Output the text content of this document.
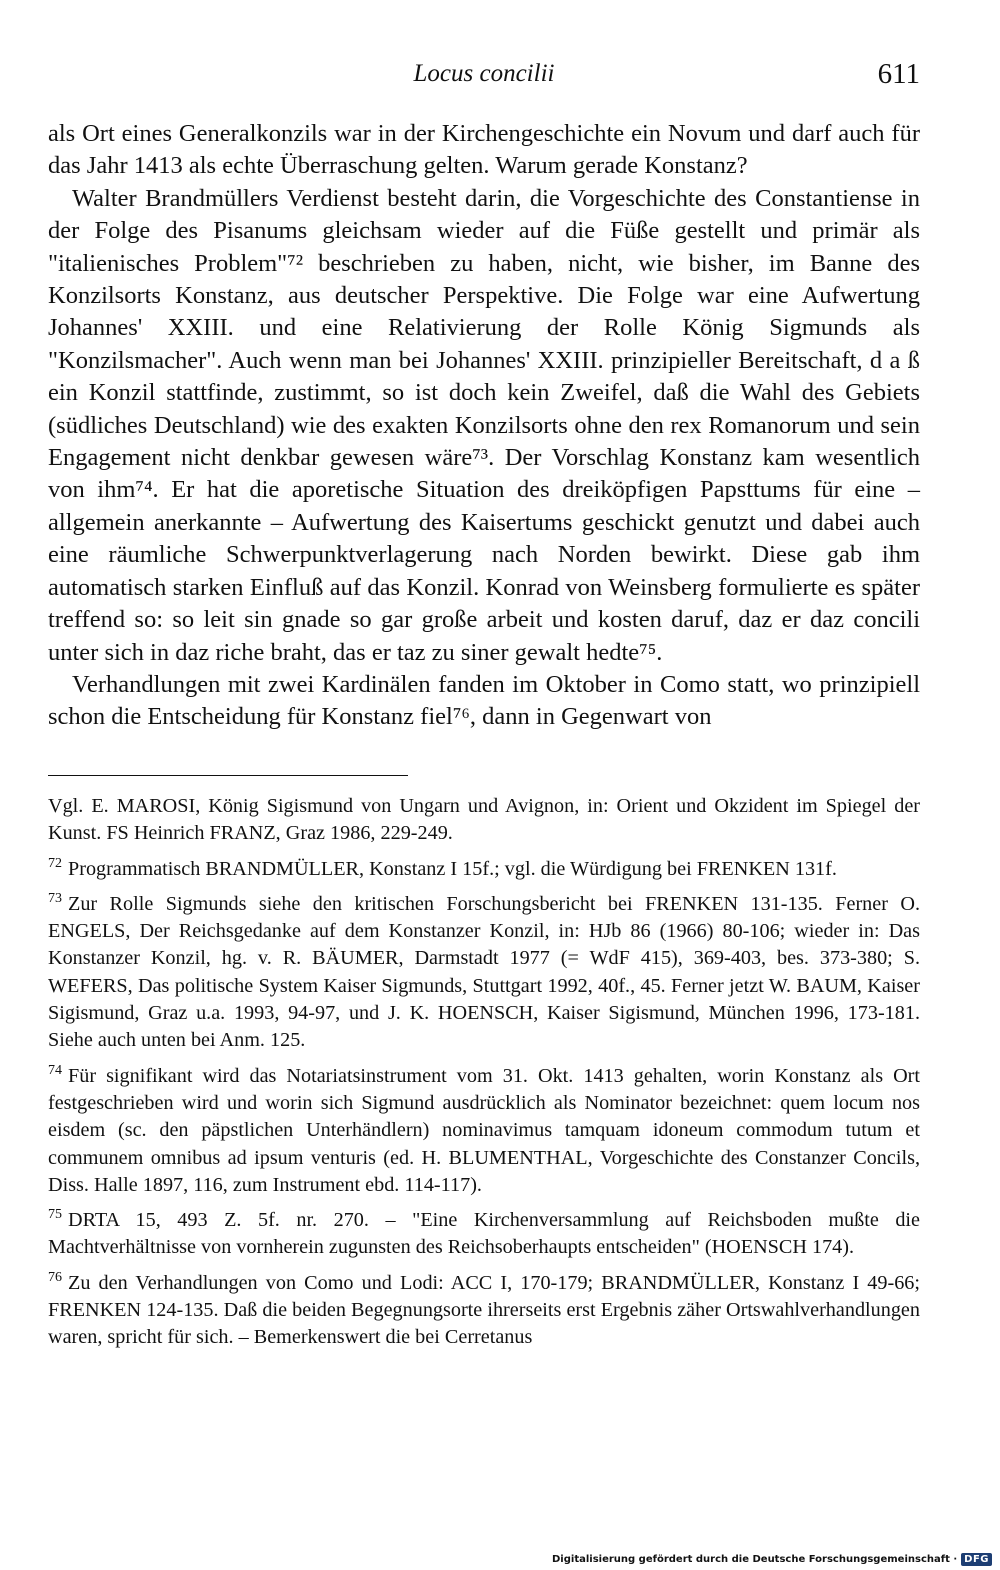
Locus concilii	611

als Ort eines Generalkonzils war in der Kirchengeschichte ein Novum und darf auch für das Jahr 1413 als echte Überraschung gelten. Warum gerade Konstanz?

Walter Brandmüllers Verdienst besteht darin, die Vorgeschichte des Constantiense in der Folge des Pisanums gleichsam wieder auf die Füße gestellt und primär als "italienisches Problem"⁷² beschrieben zu haben, nicht, wie bisher, im Banne des Konzilsorts Konstanz, aus deutscher Perspektive. Die Folge war eine Aufwertung Johannes' XXIII. und eine Relativierung der Rolle König Sigmunds als "Konzilsmacher". Auch wenn man bei Johannes' XXIII. prinzipieller Bereitschaft, d a ß ein Konzil stattfinde, zustimmt, so ist doch kein Zweifel, daß die Wahl des Gebiets (südliches Deutschland) wie des exakten Konzilsorts ohne den rex Romanorum und sein Engagement nicht denkbar gewesen wäre⁷³. Der Vorschlag Konstanz kam wesentlich von ihm⁷⁴. Er hat die aporetische Situation des dreiköpfigen Papsttums für eine – allgemein anerkannte – Aufwertung des Kaisertums geschickt genutzt und dabei auch eine räumliche Schwerpunktverlagerung nach Norden bewirkt. Diese gab ihm automatisch starken Einfluß auf das Konzil. Konrad von Weinsberg formulierte es später treffend so: so leit sin gnade so gar große arbeit und kosten daruf, daz er daz concili unter sich in daz riche braht, das er taz zu siner gewalt hedte⁷⁵.

Verhandlungen mit zwei Kardinälen fanden im Oktober in Como statt, wo prinzipiell schon die Entscheidung für Konstanz fiel⁷⁶, dann in Gegenwart von

Vgl. E. MAROSI, König Sigismund von Ungarn und Avignon, in: Orient und Okzident im Spiegel der Kunst. FS Heinrich FRANZ, Graz 1986, 229-249.

$^{72}$ Programmatisch BRANDMÜLLER, Konstanz I 15f.; vgl. die Würdigung bei FRENKEN 131f.

$^{73}$ Zur Rolle Sigmunds siehe den kritischen Forschungsbericht bei FRENKEN 131-135. Ferner O. ENGELS, Der Reichsgedanke auf dem Konstanzer Konzil, in: HJb 86 (1966) 80-106; wieder in: Das Konstanzer Konzil, hg. v. R. BÄUMER, Darmstadt 1977 (= WdF 415), 369-403, bes. 373-380; S. WEFERS, Das politische System Kaiser Sigmunds, Stuttgart 1992, 40f., 45. Ferner jetzt W. BAUM, Kaiser Sigismund, Graz u.a. 1993, 94-97, und J. K. HOENSCH, Kaiser Sigismund, München 1996, 173-181. Siehe auch unten bei Anm. 125.

$^{74}$ Für signifikant wird das Notariatsinstrument vom 31. Okt. 1413 gehalten, worin Konstanz als Ort festgeschrieben wird und worin sich Sigmund ausdrücklich als Nominator bezeichnet: quem locum nos eisdem (sc. den päpstlichen Unterhändlern) nominavimus tamquam idoneum commodum tutum et communem omnibus ad ipsum venturis (ed. H. BLUMENTHAL, Vorgeschichte des Constanzer Concils, Diss. Halle 1897, 116, zum Instrument ebd. 114-117).

$^{75}$ DRTA 15, 493 Z. 5f. nr. 270. – "Eine Kirchenversammlung auf Reichsboden mußte die Machtverhältnisse von vornherein zugunsten des Reichsoberhaupts entscheiden" (HOENSCH 174).

$^{76}$ Zu den Verhandlungen von Como und Lodi: ACC I, 170-179; BRANDMÜLLER, Konstanz I 49-66; FRENKEN 124-135. Daß die beiden Begegnungsorte ihrerseits erst Ergebnis zäher Ortswahlverhandlungen waren, spricht für sich. – Bemerkenswert die bei Cerretanus

Digitalisierung gefördert durch die Deutsche Forschungsgemeinschaft · DFG
